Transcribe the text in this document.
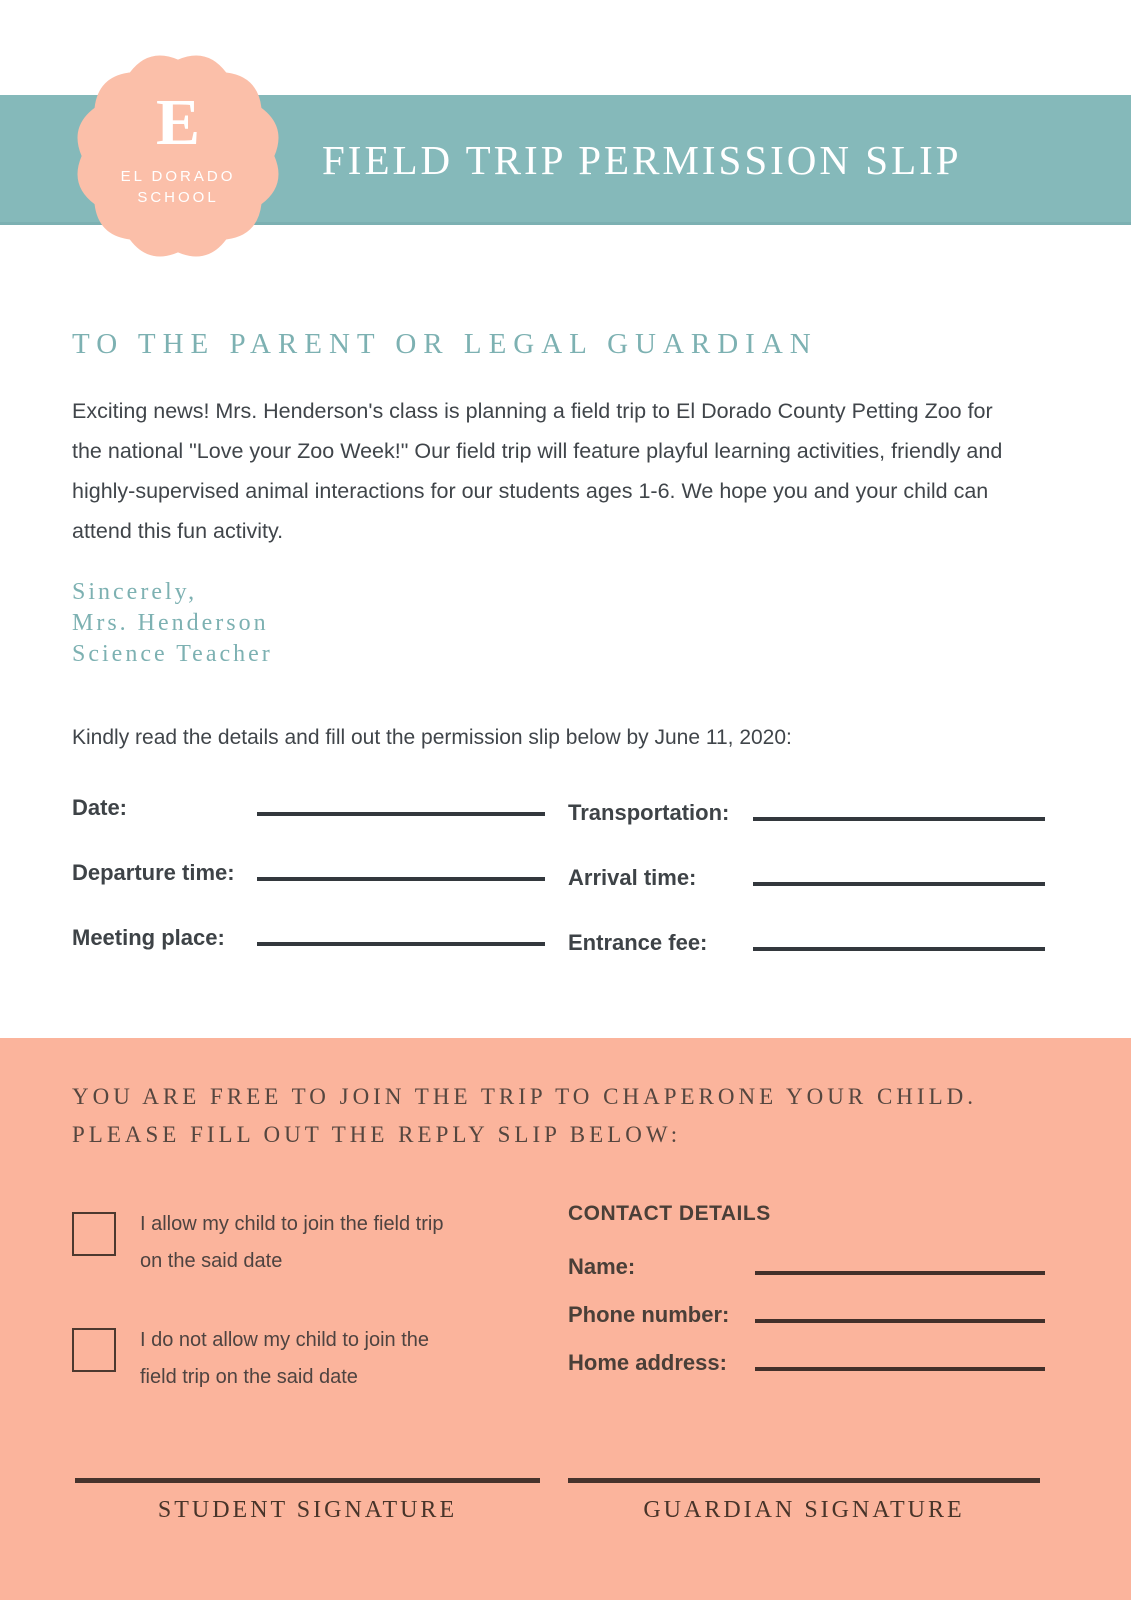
FIELD TRIP PERMISSION SLIP
E
EL DORADO
SCHOOL
TO THE PARENT OR LEGAL GUARDIAN
Exciting news! Mrs. Henderson's class is planning a field trip to El Dorado County Petting Zoo for the national "Love your Zoo Week!" Our field trip will feature playful learning activities, friendly and highly-supervised animal interactions for our students ages 1-6. We hope you and your child can attend this fun activity.
Sincerely,
Mrs. Henderson
Science Teacher
Kindly read the details and fill out the permission slip below by June 11, 2020:
Date:
Departure time:
Meeting place:
Transportation:
Arrival time:
Entrance fee:
YOU ARE FREE TO JOIN THE TRIP TO CHAPERONE YOUR CHILD.
PLEASE FILL OUT THE REPLY SLIP BELOW:
I allow my child to join the field trip on the said date
I do not allow my child to join the field trip on the said date
CONTACT DETAILS
Name:
Phone number:
Home address:
STUDENT SIGNATURE	GUARDIAN SIGNATURE
